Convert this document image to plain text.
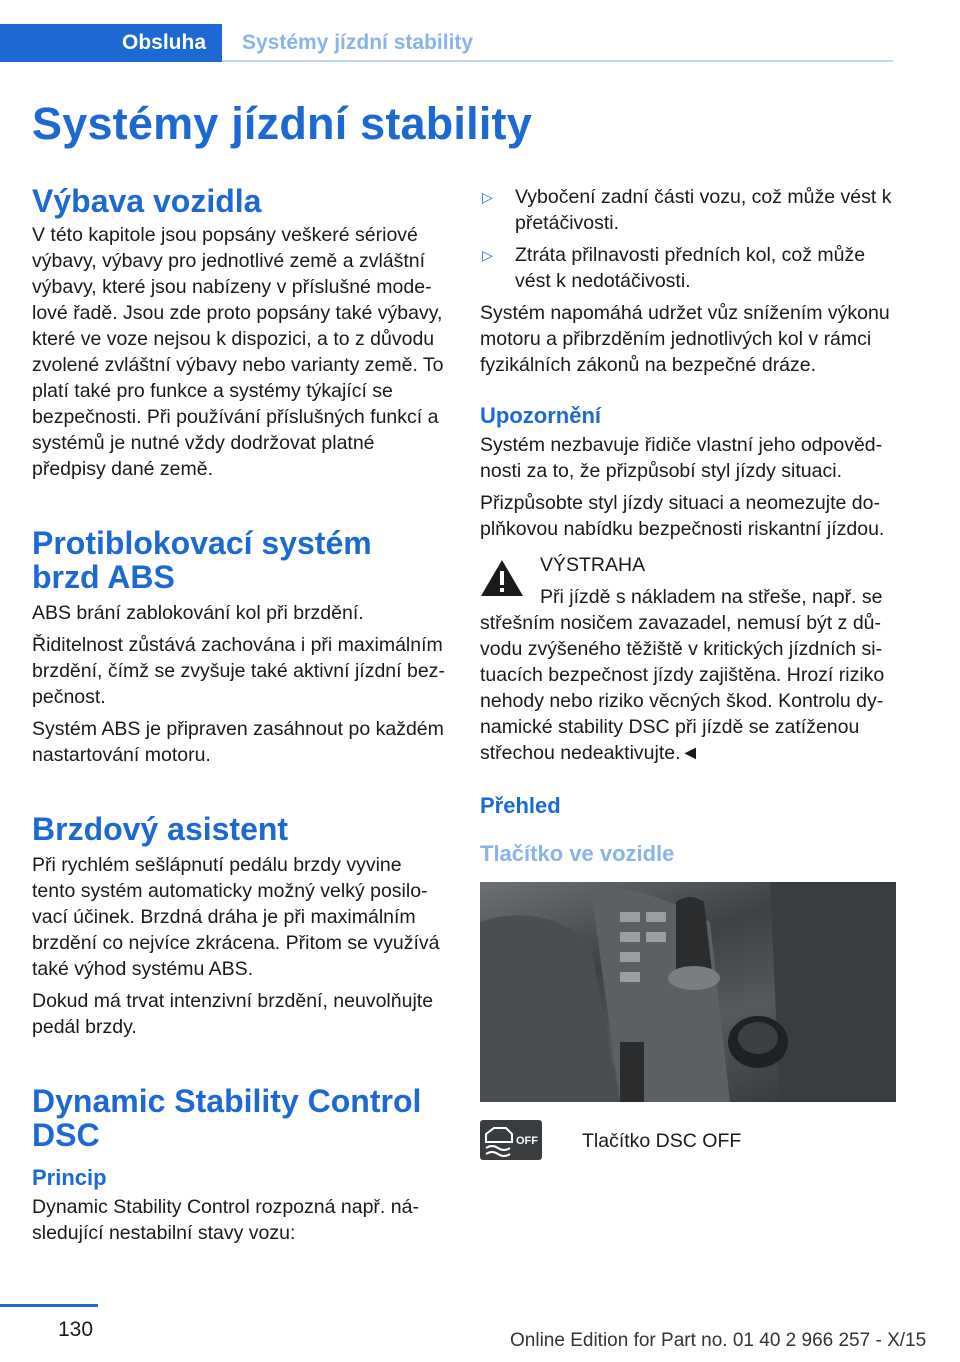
Obsluha	Systémy jízdní stability
Systémy jízdní stability
Výbava vozidla

V této kapitole jsou popsány veškeré sériové výbavy, výbavy pro jednotlivé země a zvláštní výbavy, které jsou nabízeny v příslušné modelové řadě. Jsou zde proto popsány také výbavy, které ve voze nejsou k dispozici, a to z důvodu zvolené zvláštní výbavy nebo varianty země. To platí také pro funkce a systémy týkající se bezpečnosti. Při používání příslušných funkcí a systémů je nutné vždy dodržovat platné předpisy dané země.

Protiblokovací systém brzd ABS

ABS brání zablokování kol při brzdění.

Řiditelnost zůstává zachována i při maximálním brzdění, čímž se zvyšuje také aktivní jízdní bezpečnost.

Systém ABS je připraven zasáhnout po každém nastartování motoru.

Brzdový asistent

Při rychlém sešlápnutí pedálu brzdy vyvine tento systém automaticky možný velký posilovací účinek. Brzdná dráha je při maximálním brzdění co nejvíce zkrácena. Přitom se využívá také výhod systému ABS.

Dokud má trvat intenzivní brzdění, neuvolňujte pedál brzdy.

Dynamic Stability Control DSC
Princip

Dynamic Stability Control rozpozná např. následující nestabilní stavy vozu:

▷	Vybočení zadní části vozu, což může vést k přetáčivosti.
▷	Ztráta přilnavosti předních kol, což může vést k nedotáčivosti.

Systém napomáhá udržet vůz snížením výkonu motoru a přibrzděním jednotlivých kol v rámci fyzikálních zákonů na bezpečné dráze.

Upozornění

Systém nezbavuje řidiče vlastní jeho odpovědnosti za to, že přizpůsobí styl jízdy situaci.

Přizpůsobte styl jízdy situaci a neomezujte doplňkovou nabídku bezpečnosti riskantní jízdou.

VÝSTRAHA

Při jízdě s nákladem na střeše, např. se střešním nosičem zavazadel, nemusí být z důvodu zvýšeného těžiště v kritických jízdních situacích bezpečnost jízdy zajištěna. Hrozí riziko nehody nebo riziko věcných škod. Kontrolu dynamické stability DSC při jízdě se zatíženou střechou nedeaktivujte.◄

Přehled
Tlačítko ve vozidle
OFF Tlačítko DSC OFF

130	Online Edition for Part no. 01 40 2 966 257 - X/15
